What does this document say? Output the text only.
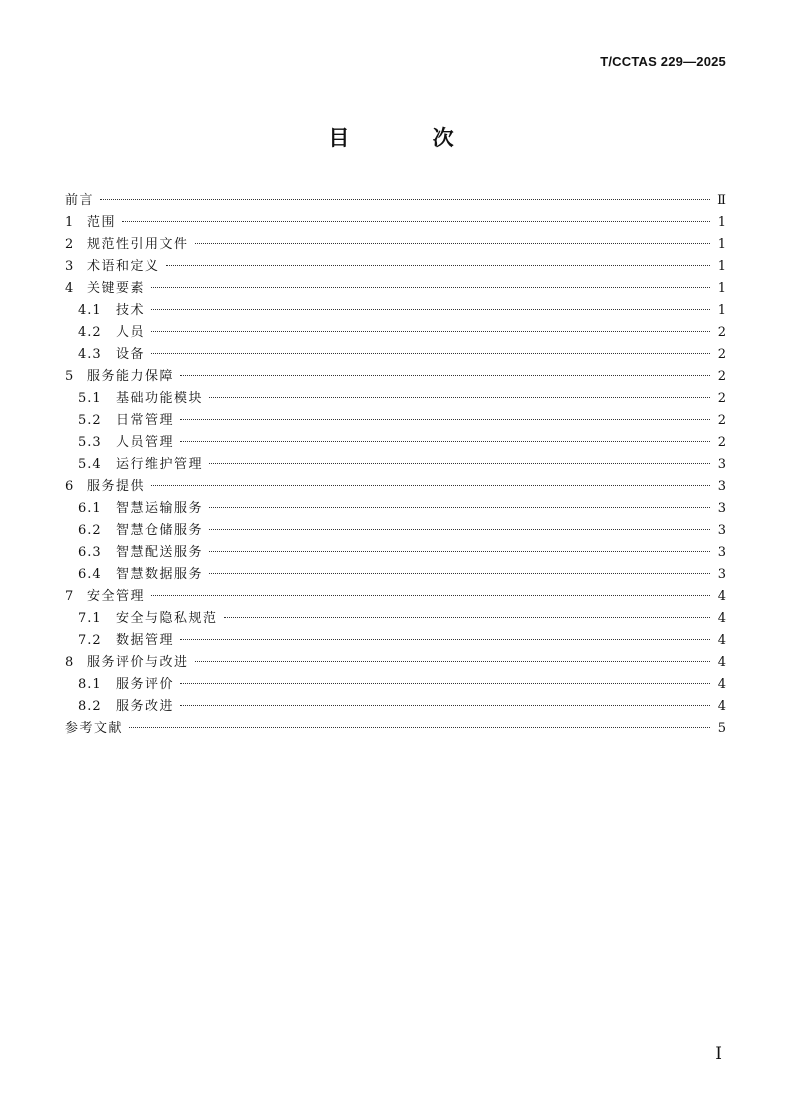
T/CCTAS 229—2025
目 次
前言	Ⅱ
1	范围	1
2	规范性引用文件	1
3	术语和定义	1
4	关键要素	1
4.1	技术	1
4.2	人员	2
4.3	设备	2
5	服务能力保障	2
5.1	基础功能模块	2
5.2	日常管理	2
5.3	人员管理	2
5.4	运行维护管理	3
6	服务提供	3
6.1	智慧运输服务	3
6.2	智慧仓储服务	3
6.3	智慧配送服务	3
6.4	智慧数据服务	3
7	安全管理	4
7.1	安全与隐私规范	4
7.2	数据管理	4
8	服务评价与改进	4
8.1	服务评价	4
8.2	服务改进	4
参考文献	5
I
